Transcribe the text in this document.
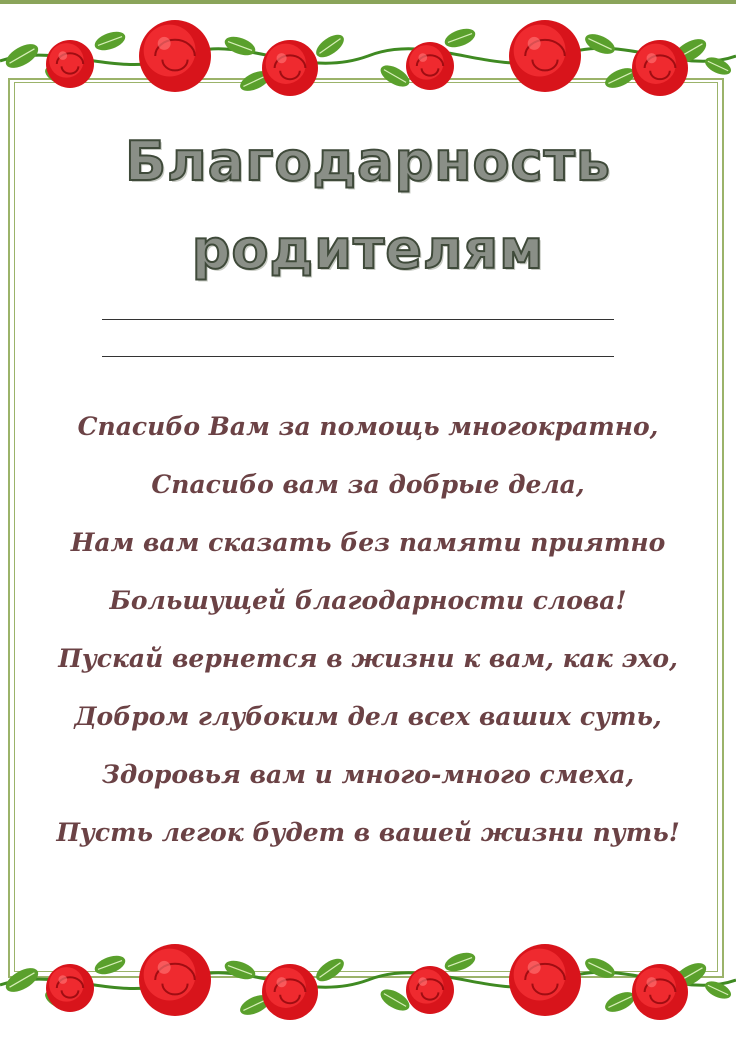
Благодарность
родителям
Спасибо Вам за помощь многократно,
Спасибо вам за добрые дела,
Нам вам сказать без памяти приятно
Большущей благодарности слова!
Пускай вернется в жизни к вам, как эхо,
Добром глубоким дел всех ваших суть,
Здоровья вам и много-много смеха,
Пусть легок будет в вашей жизни путь!
